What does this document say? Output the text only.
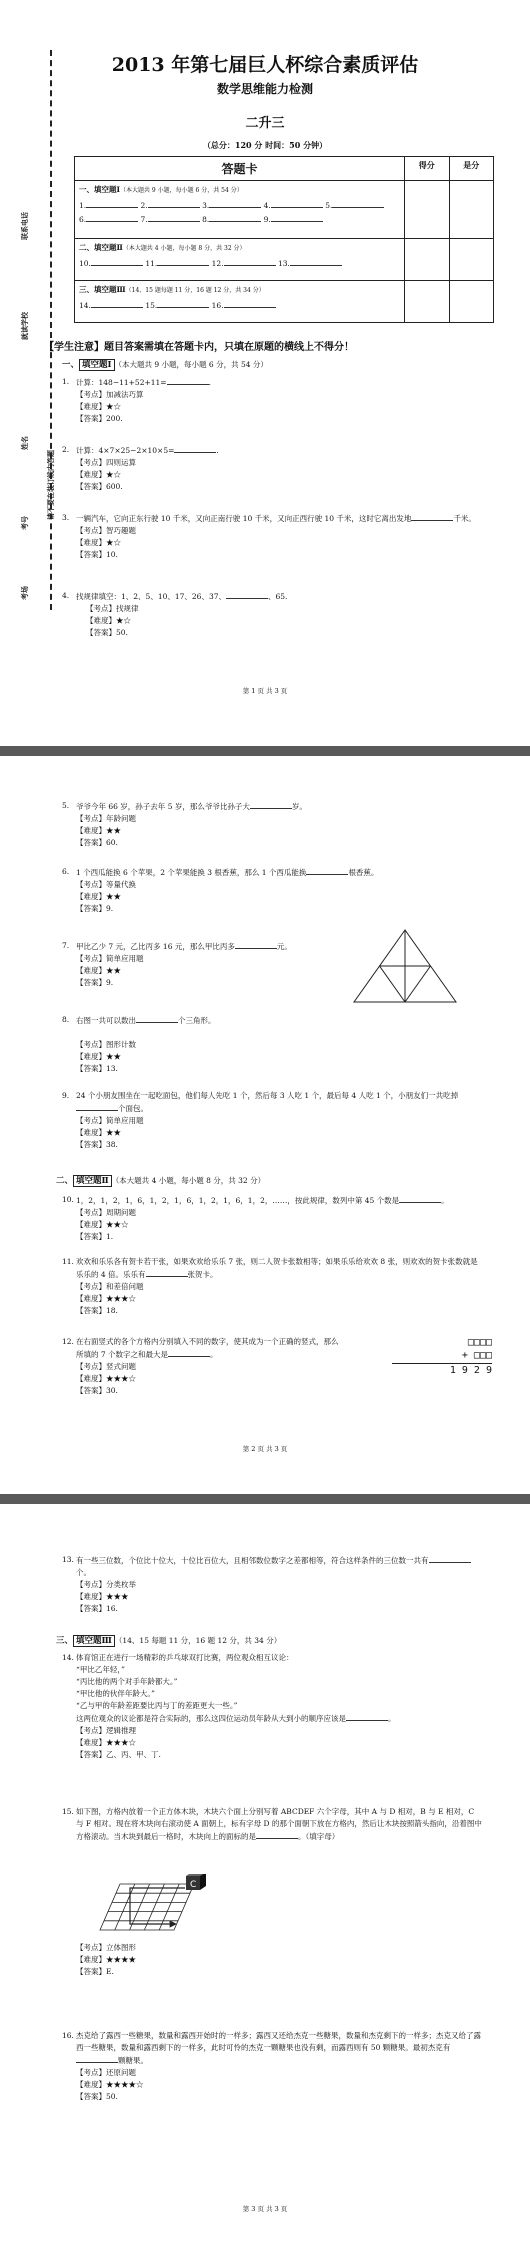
联系电话
就读学校
姓名
请不要在装订线内答题
考号
考场
2013 年第七届巨人杯综合素质评估
数学思维能力检测
二升三
（总分：120 分 时间：50 分钟）
答题卡	得分	是分
一、填空题Ⅰ（本大题共 9 小题，每小题 6 分，共 54 分）
1. 2. 3. 4. 5.
6. 7. 8. 9.		

二、填空题Ⅱ（本大题共 4 小题，每小题 8 分，共 32 分）
10. 11. 12. 13.		

三、填空题Ⅲ（14、15 题每题 11 分，16 题 12 分，共 34 分）
14. 15. 16.		

【学生注意】题目答案需填在答题卡内，只填在原题的横线上不得分！
一、 填空题Ⅰ （本大题共 9 小题，每小题 6 分，共 54 分）
1. 计算：148−11+52+11=	.
【考点】加减法巧算
【难度】★☆
【答案】200.
2. 计算：4×7×25−2×10×5=	.
【考点】四则运算
【难度】★☆
【答案】600.
3. 一辆汽车，它向正东行驶 10 千米，又向正南行驶 10 千米，又向正西行驶 10 千米，这时它离出发地	千米。
【考点】智巧趣题
【难度】★☆
【答案】10.
4. 找规律填空：1、2、5、10、17、26、37、	、65.
【考点】找规律
【难度】★☆
【答案】50.
第 1 页 共 3 页
5. 爷爷今年 66 岁，孙子去年 5 岁，那么爷爷比孙子大	岁。
【考点】年龄问题
【难度】★★
【答案】60.
6. 1 个西瓜能换 6 个苹果，2 个苹果能换 3 根香蕉，那么 1 个西瓜能换	根香蕉。
【考点】等量代换
【难度】★★
【答案】9.
7. 甲比乙少 7 元，乙比丙多 16 元，那么甲比丙多	元。
【考点】简单应用题
【难度】★★
【答案】9.
8. 右图一共可以数出	个三角形。
【考点】图形计数
【难度】★★
【答案】13.
9. 24 个小朋友围坐在一起吃面包，他们每人先吃 1 个，然后每 3 人吃 1 个，最后每 4 人吃 1 个，小朋友们一共吃掉个面包。
【考点】简单应用题
【难度】★★
【答案】38.
二、 填空题Ⅱ （本大题共 4 小题，每小题 8 分，共 32 分）
10. 1，2，1，2，1，6，1，2，1，6，1，2，1，6，1，2，……，按此规律，数列中第 45 个数是	。
【考点】周期问题
【难度】★★☆
【答案】1.
11. 欢欢和乐乐各有贺卡若干张，如果欢欢给乐乐 7 张，则二人贺卡张数相等；如果乐乐给欢欢 8 张，则欢欢的贺卡张数就是乐乐的 4 倍。乐乐有	张贺卡。
【考点】和差倍问题
【难度】★★★☆
【答案】18.
12. 在右面竖式的各个方格内分别填入不同的数字，使其成为一个正确的竖式，那么所填的 7 个数字之和最大是	。
【考点】竖式问题
【难度】★★★☆
【答案】30.
□□□□
+ □□□
1 9 2 9
第 2 页 共 3 页
13. 有一些三位数，个位比十位大，十位比百位大，且相邻数位数字之差都相等，符合这样条件的三位数一共有个。
【考点】分类枚举
【难度】★★★
【答案】16.
三、 填空题Ⅲ （14、15 每题 11 分，16 题 12 分，共 34 分）
14. 体育馆正在进行一场精彩的乒乓球双打比赛，两位观众相互议论：
“甲比乙年轻，”
“丙比他的两个对手年龄都大。”
“甲比他的伙伴年龄大。”
“乙与甲的年龄差距要比丙与丁的差距更大一些。”
这两位观众的议论都是符合实际的，那么这四位运动员年龄从大到小的顺序应该是	。
【考点】逻辑推理
【难度】★★★☆
【答案】乙、丙、甲、丁.
15. 如下图，方格内放着一个正方体木块，木块六个面上分别写着 ABCDEF 六个字母，其中 A 与 D 相对，B 与 E 相对，C 与 F 相对。现在将木块向右滚动使 A 面朝上，标有字母 D 的那个面朝下放在方格内，然后让木块按照箭头指向，沿着图中方格滚动。当木块到最后一格时，木块向上的面标的是	。（填字母）
C
【考点】立体图形
【难度】★★★★
【答案】E.
16. 杰克给了露西一些糖果，数量和露西开始时的一样多；露西又还给杰克一些糖果，数量和杰克剩下的一样多；杰克又给了露西一些糖果，数量和露西剩下的一样多，此时可怜的杰克一颗糖果也没有剩，而露西则有 50 颗糖果。最初杰克有颗糖果。
【考点】还原问题
【难度】★★★★☆
【答案】50.
第 3 页 共 3 页
